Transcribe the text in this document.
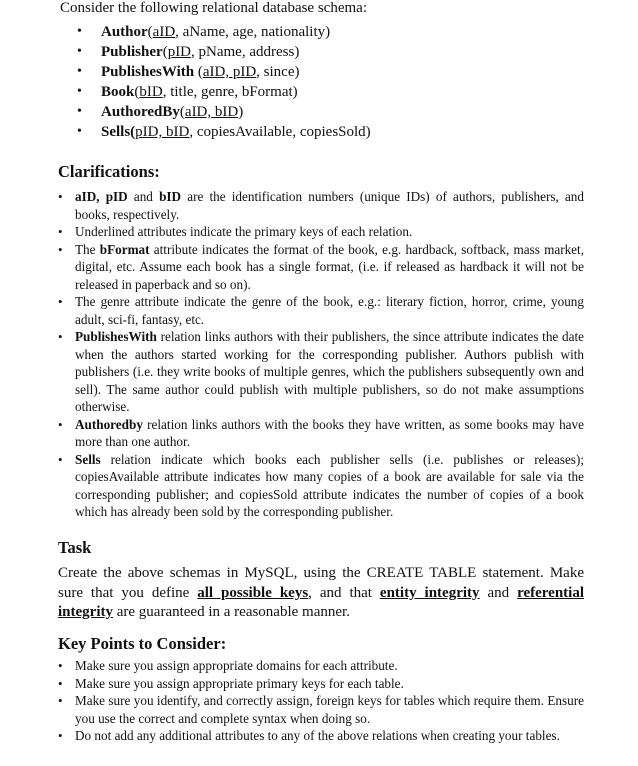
Consider the following relational database schema:
• Author(aID, aName, age, nationality)
• Publisher(pID, pName, address)
• PublishesWith (aID, pID, since)
• Book(bID, title, genre, bFormat)
• AuthoredBy(aID, bID)
• Sells(pID, bID, copiesAvailable, copiesSold)
Clarifications:
• aID, pID and bID are the identification numbers (unique IDs) of authors, publishers, and books, respectively.
• Underlined attributes indicate the primary keys of each relation.
• The bFormat attribute indicates the format of the book, e.g. hardback, softback, mass market, digital, etc. Assume each book has a single format, (i.e. if released as hardback it will not be released in paperback and so on).
• The genre attribute indicate the genre of the book, e.g.: literary fiction, horror, crime, young adult, sci-fi, fantasy, etc.
• PublishesWith relation links authors with their publishers, the since attribute indicates the date when the authors started working for the corresponding publisher. Authors publish with publishers (i.e. they write books of multiple genres, which the publishers subsequently own and sell). The same author could publish with multiple publishers, so do not make assumptions otherwise.
• Authoredby relation links authors with the books they have written, as some books may have more than one author.
• Sells relation indicate which books each publisher sells (i.e. publishes or releases); copiesAvailable attribute indicates how many copies of a book are available for sale via the corresponding publisher; and copiesSold attribute indicates the number of copies of a book which has already been sold by the corresponding publisher.
Task
Create the above schemas in MySQL, using the CREATE TABLE statement. Make sure that you define all possible keys, and that entity integrity and referential integrity are guaranteed in a reasonable manner.
Key Points to Consider:
• Make sure you assign appropriate domains for each attribute.
• Make sure you assign appropriate primary keys for each table.
• Make sure you identify, and correctly assign, foreign keys for tables which require them. Ensure you use the correct and complete syntax when doing so.
• Do not add any additional attributes to any of the above relations when creating your tables.
